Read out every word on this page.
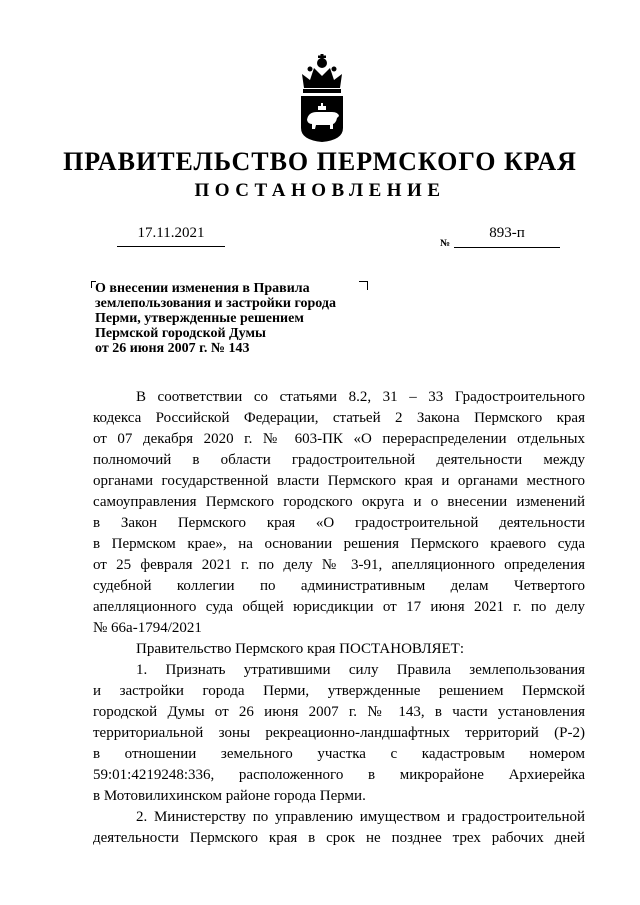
ПРАВИТЕЛЬСТВО ПЕРМСКОГО КРАЯ
ПОСТАНОВЛЕНИЕ
17.11.2021
№
893-п
О внесении изменения в Правила
землепользования и застройки города
Перми, утвержденные решением
Пермской городской Думы
от 26 июня 2007 г. № 143

В соответствии со статьями 8.2, 31 – 33 Градостроительного

кодекса Российской Федерации, статьей 2 Закона Пермского края

от 07 декабря 2020 г. № 603-ПК «О перераспределении отдельных

полномочий в области градостроительной деятельности между

органами государственной власти Пермского края и органами местного

самоуправления Пермского городского округа и о внесении изменений

в Закон Пермского края «О градостроительной деятельности

в Пермском крае», на основании решения Пермского краевого суда

от 25 февраля 2021 г. по делу № 3-91, апелляционного определения

судебной коллегии по административным делам Четвертого

апелляционного суда общей юрисдикции от 17 июня 2021 г. по делу

№ 66а-1794/2021

Правительство Пермского края ПОСТАНОВЛЯЕТ:

1. Признать утратившими силу Правила землепользования

и застройки города Перми, утвержденные решением Пермской

городской Думы от 26 июня 2007 г. № 143, в части установления

территориальной зоны рекреационно-ландшафтных территорий (Р-2)

в отношении земельного участка с кадастровым номером

59:01:4219248:336, расположенного в микрорайоне Архиерейка

в Мотовилихинском районе города Перми.

2. Министерству по управлению имуществом и градостроительной

деятельности Пермского края в срок не позднее трех рабочих дней
